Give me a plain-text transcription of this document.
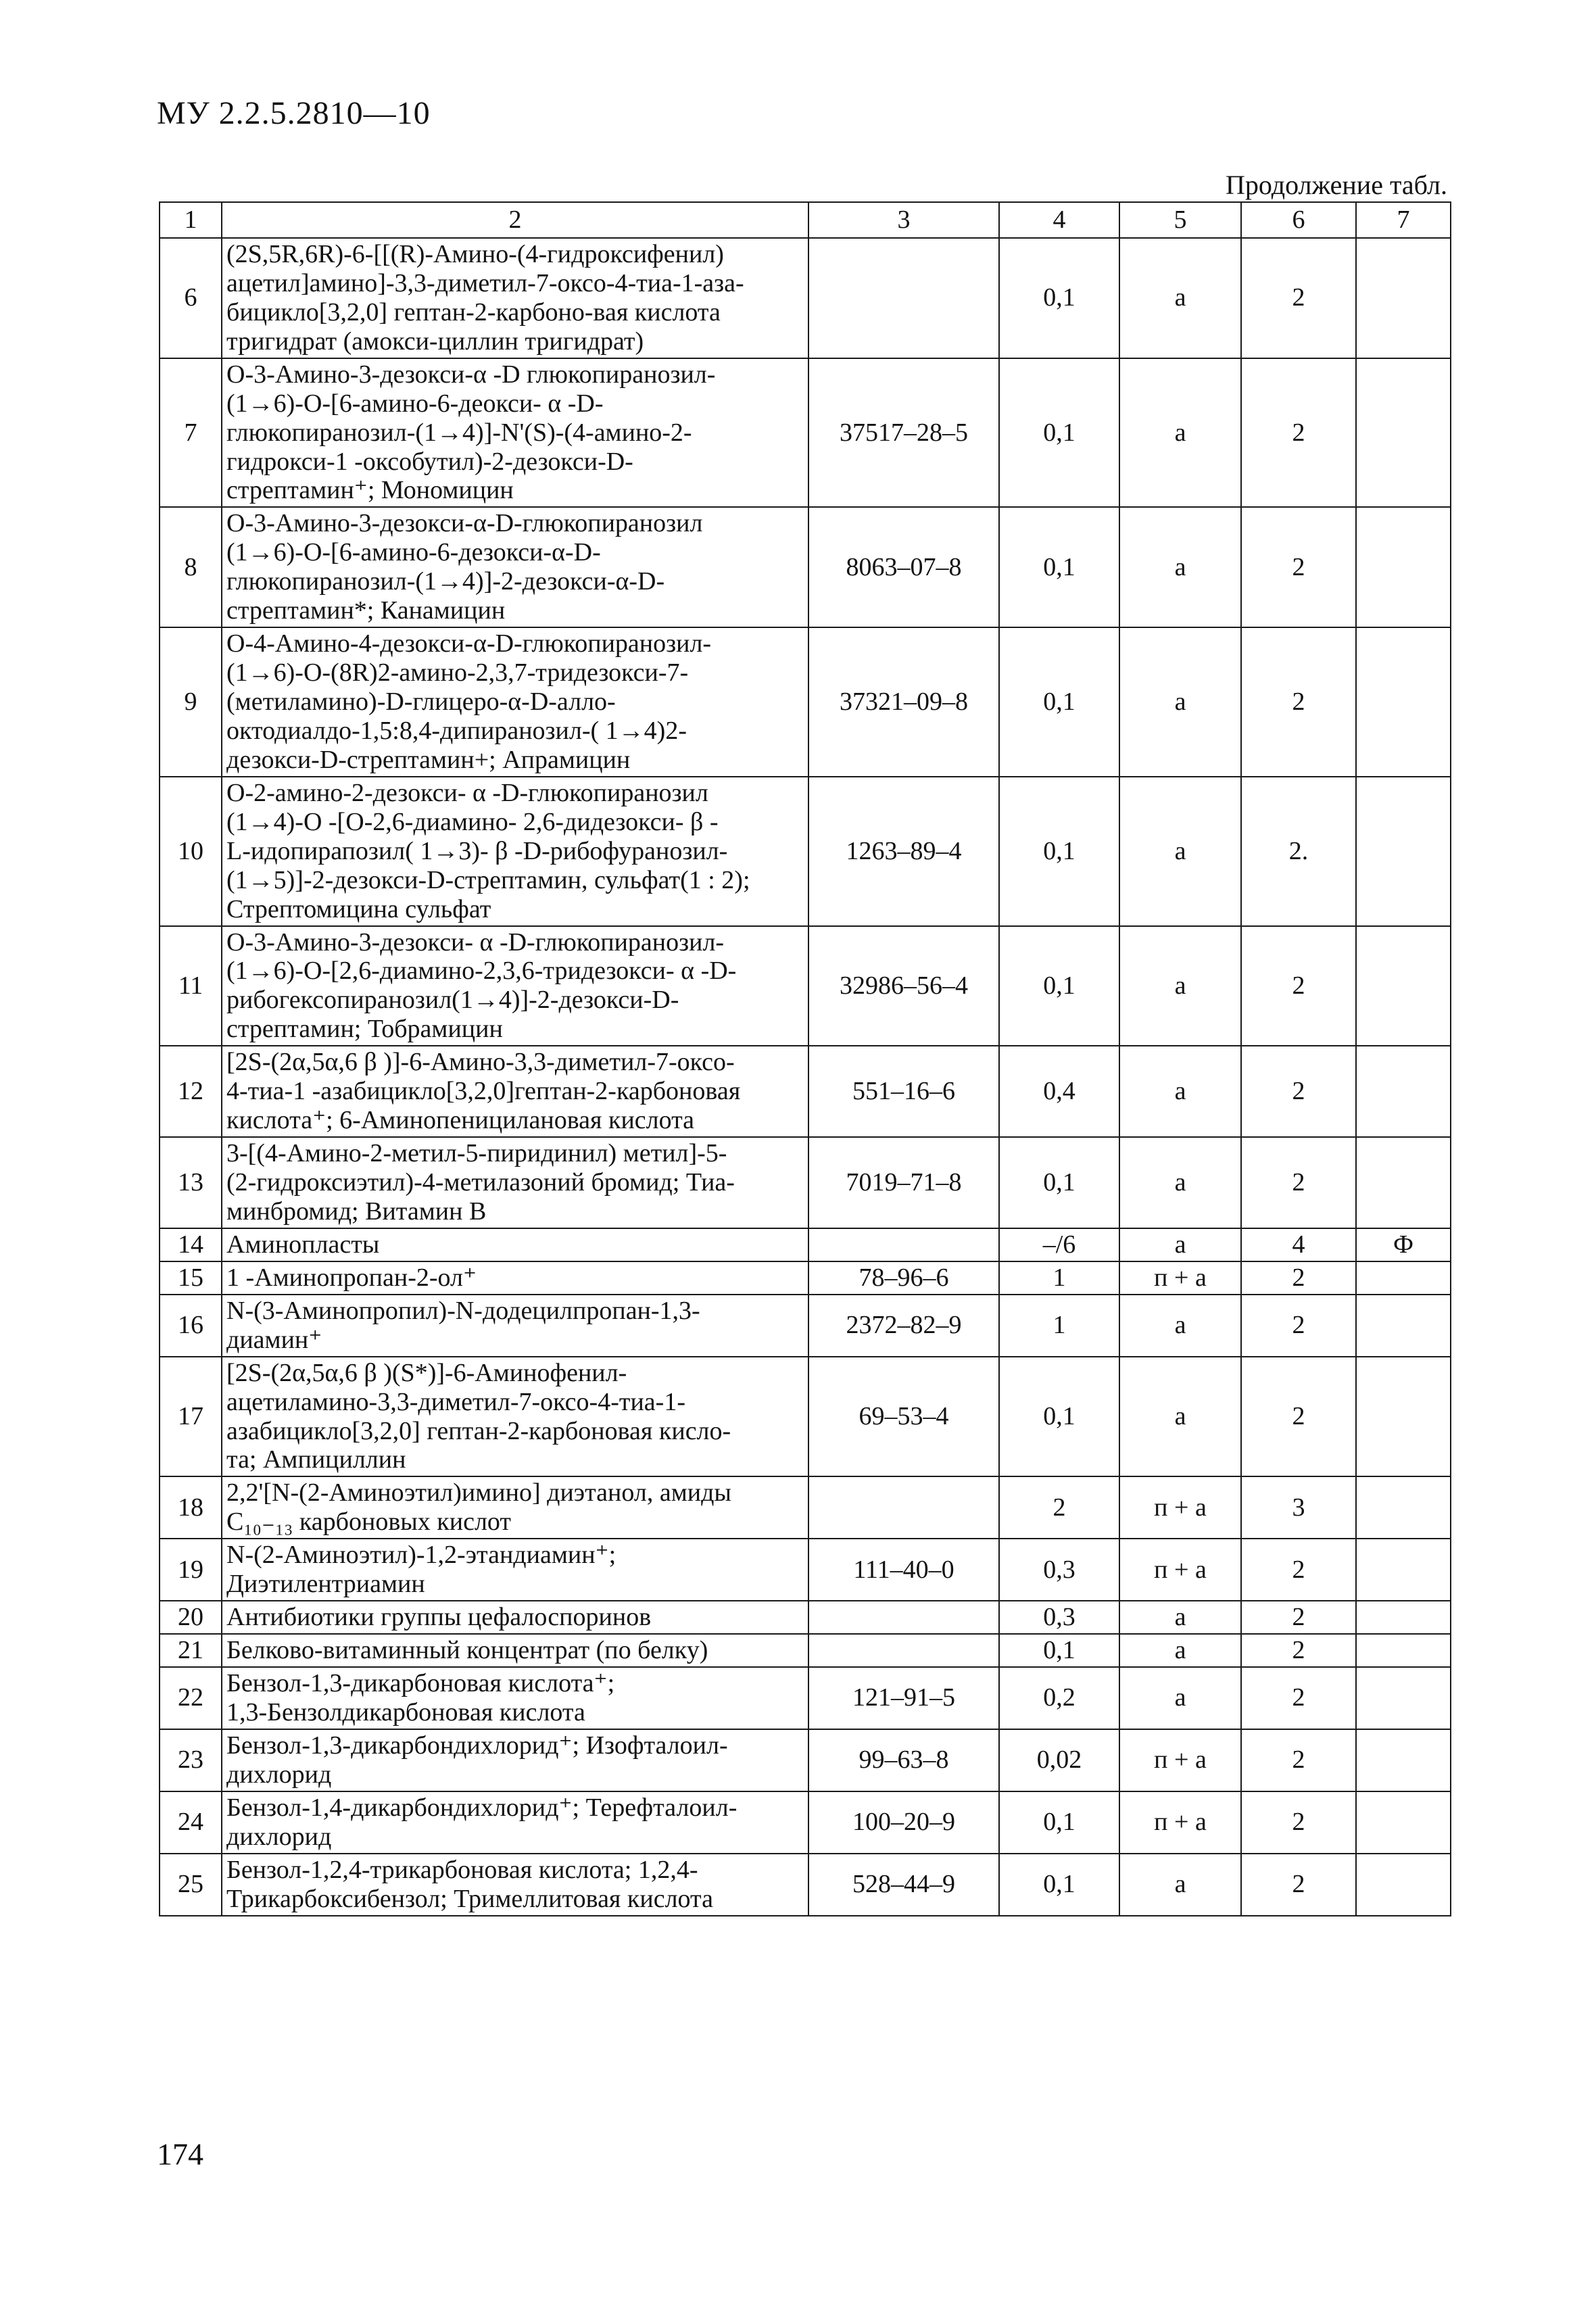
МУ 2.2.5.2810—10
Продолжение табл.
1	2	3	4	5	6	7
6	(2S,5R,6R)-6-[[(R)-Амино-(4-гидроксифенил)
ацетил]амино]-3,3-диметил-7-оксо-4-тиа-1-аза-
бицикло[3,2,0] гептан-2-карбоно-вая кислота
тригидрат (амокси-циллин тригидрат)		0,1	а	2	
7	О-3-Амино-3-дезокси-α -D глюкопиранозил-
(1→6)-О-[6-амино-6-деокси- α -D-
глюкопиранозил-(1→4)]-N'(S)-(4-амино-2-
гидрокси-1 -оксобутил)-2-дезокси-D-
стрептамин⁺; Мономицин	37517–28–5	0,1	а	2	
8	О-3-Амино-3-дезокси-α-D-глюкопиранозил
(1→6)-О-[6-амино-6-дезокси-α-D-
глюкопиранозил-(1→4)]-2-дезокси-α-D-
стрептамин*; Канамицин	8063–07–8	0,1	а	2	
9	О-4-Амино-4-дезокси-α-D-глюкопиранозил-
(1→6)-О-(8R)2-амино-2,3,7-тридезокси-7-
(метиламино)-D-глицеро-α-D-алло-
октодиалдо-1,5:8,4-дипиранозил-( 1→4)2-
дезокси-D-стрептамин+; Апрамицин	37321–09–8	0,1	а	2	
10	О-2-амино-2-дезокси- α -D-глюкопиранозил
(1→4)-О -[О-2,6-диамино- 2,6-дидезокси- β -
L-идопирапозил( 1→3)- β -D-рибофуранозил-
(1→5)]-2-дезокси-D-стрептамин, сульфат(1 : 2);
Стрептомицина сульфат	1263–89–4	0,1	а	2.	
11	О-3-Амино-3-дезокси- α -D-глюкопиранозил-
(1→6)-О-[2,6-диамино-2,3,6-тридезокси- α -D-
рибогексопиранозил(1→4)]-2-дезокси-D-
стрептамин; Тобрамицин	32986–56–4	0,1	а	2	
12	[2S-(2α,5α,6 β )]-6-Амино-3,3-диметил-7-оксо-
4-тиа-1 -азабицикло[3,2,0]гептан-2-карбоновая
кислота⁺; 6-Аминопеницилановая кислота	551–16–6	0,4	а	2	
13	3-[(4-Амино-2-метил-5-пиридинил) метил]-5-
(2-гидроксиэтил)-4-метилазоний бромид; Тиа-
минбромид; Витамин В	7019–71–8	0,1	а	2	
14	Аминопласты		–/6	а	4	Ф
15	1 -Аминопропан-2-ол⁺	78–96–6	1	п + а	2	
16	N-(3-Аминопропил)-N-додецилпропан-1,3-
диамин⁺	2372–82–9	1	а	2	
17	[2S-(2α,5α,6 β )(S*)]-6-Аминофенил-
ацетиламино-3,3-диметил-7-оксо-4-тиа-1-
азабицикло[3,2,0] гептан-2-карбоновая кисло-
та; Ампициллин	69–53–4	0,1	а	2	
18	2,2'[N-(2-Аминоэтил)имино] диэтанол, амиды
C₁₀₋₁₃ карбоновых кислот		2	п + а	3	
19	N-(2-Аминоэтил)-1,2-этандиамин⁺;
Диэтилентриамин	111–40–0	0,3	п + а	2	
20	Антибиотики группы цефалоспоринов		0,3	а	2	
21	Белково-витаминный концентрат (по белку)		0,1	а	2	
22	Бензол-1,3-дикарбоновая кислота⁺;
1,3-Бензолдикарбоновая кислота	121–91–5	0,2	а	2	
23	Бензол-1,3-дикарбондихлорид⁺; Изофталоил-
дихлорид	99–63–8	0,02	п + а	2	
24	Бензол-1,4-дикарбондихлорид⁺; Терефталоил-
дихлорид	100–20–9	0,1	п + а	2	
25	Бензол-1,2,4-трикарбоновая кислота; 1,2,4-
Трикарбоксибензол; Тримеллитовая кислота	528–44–9	0,1	а	2	
174
